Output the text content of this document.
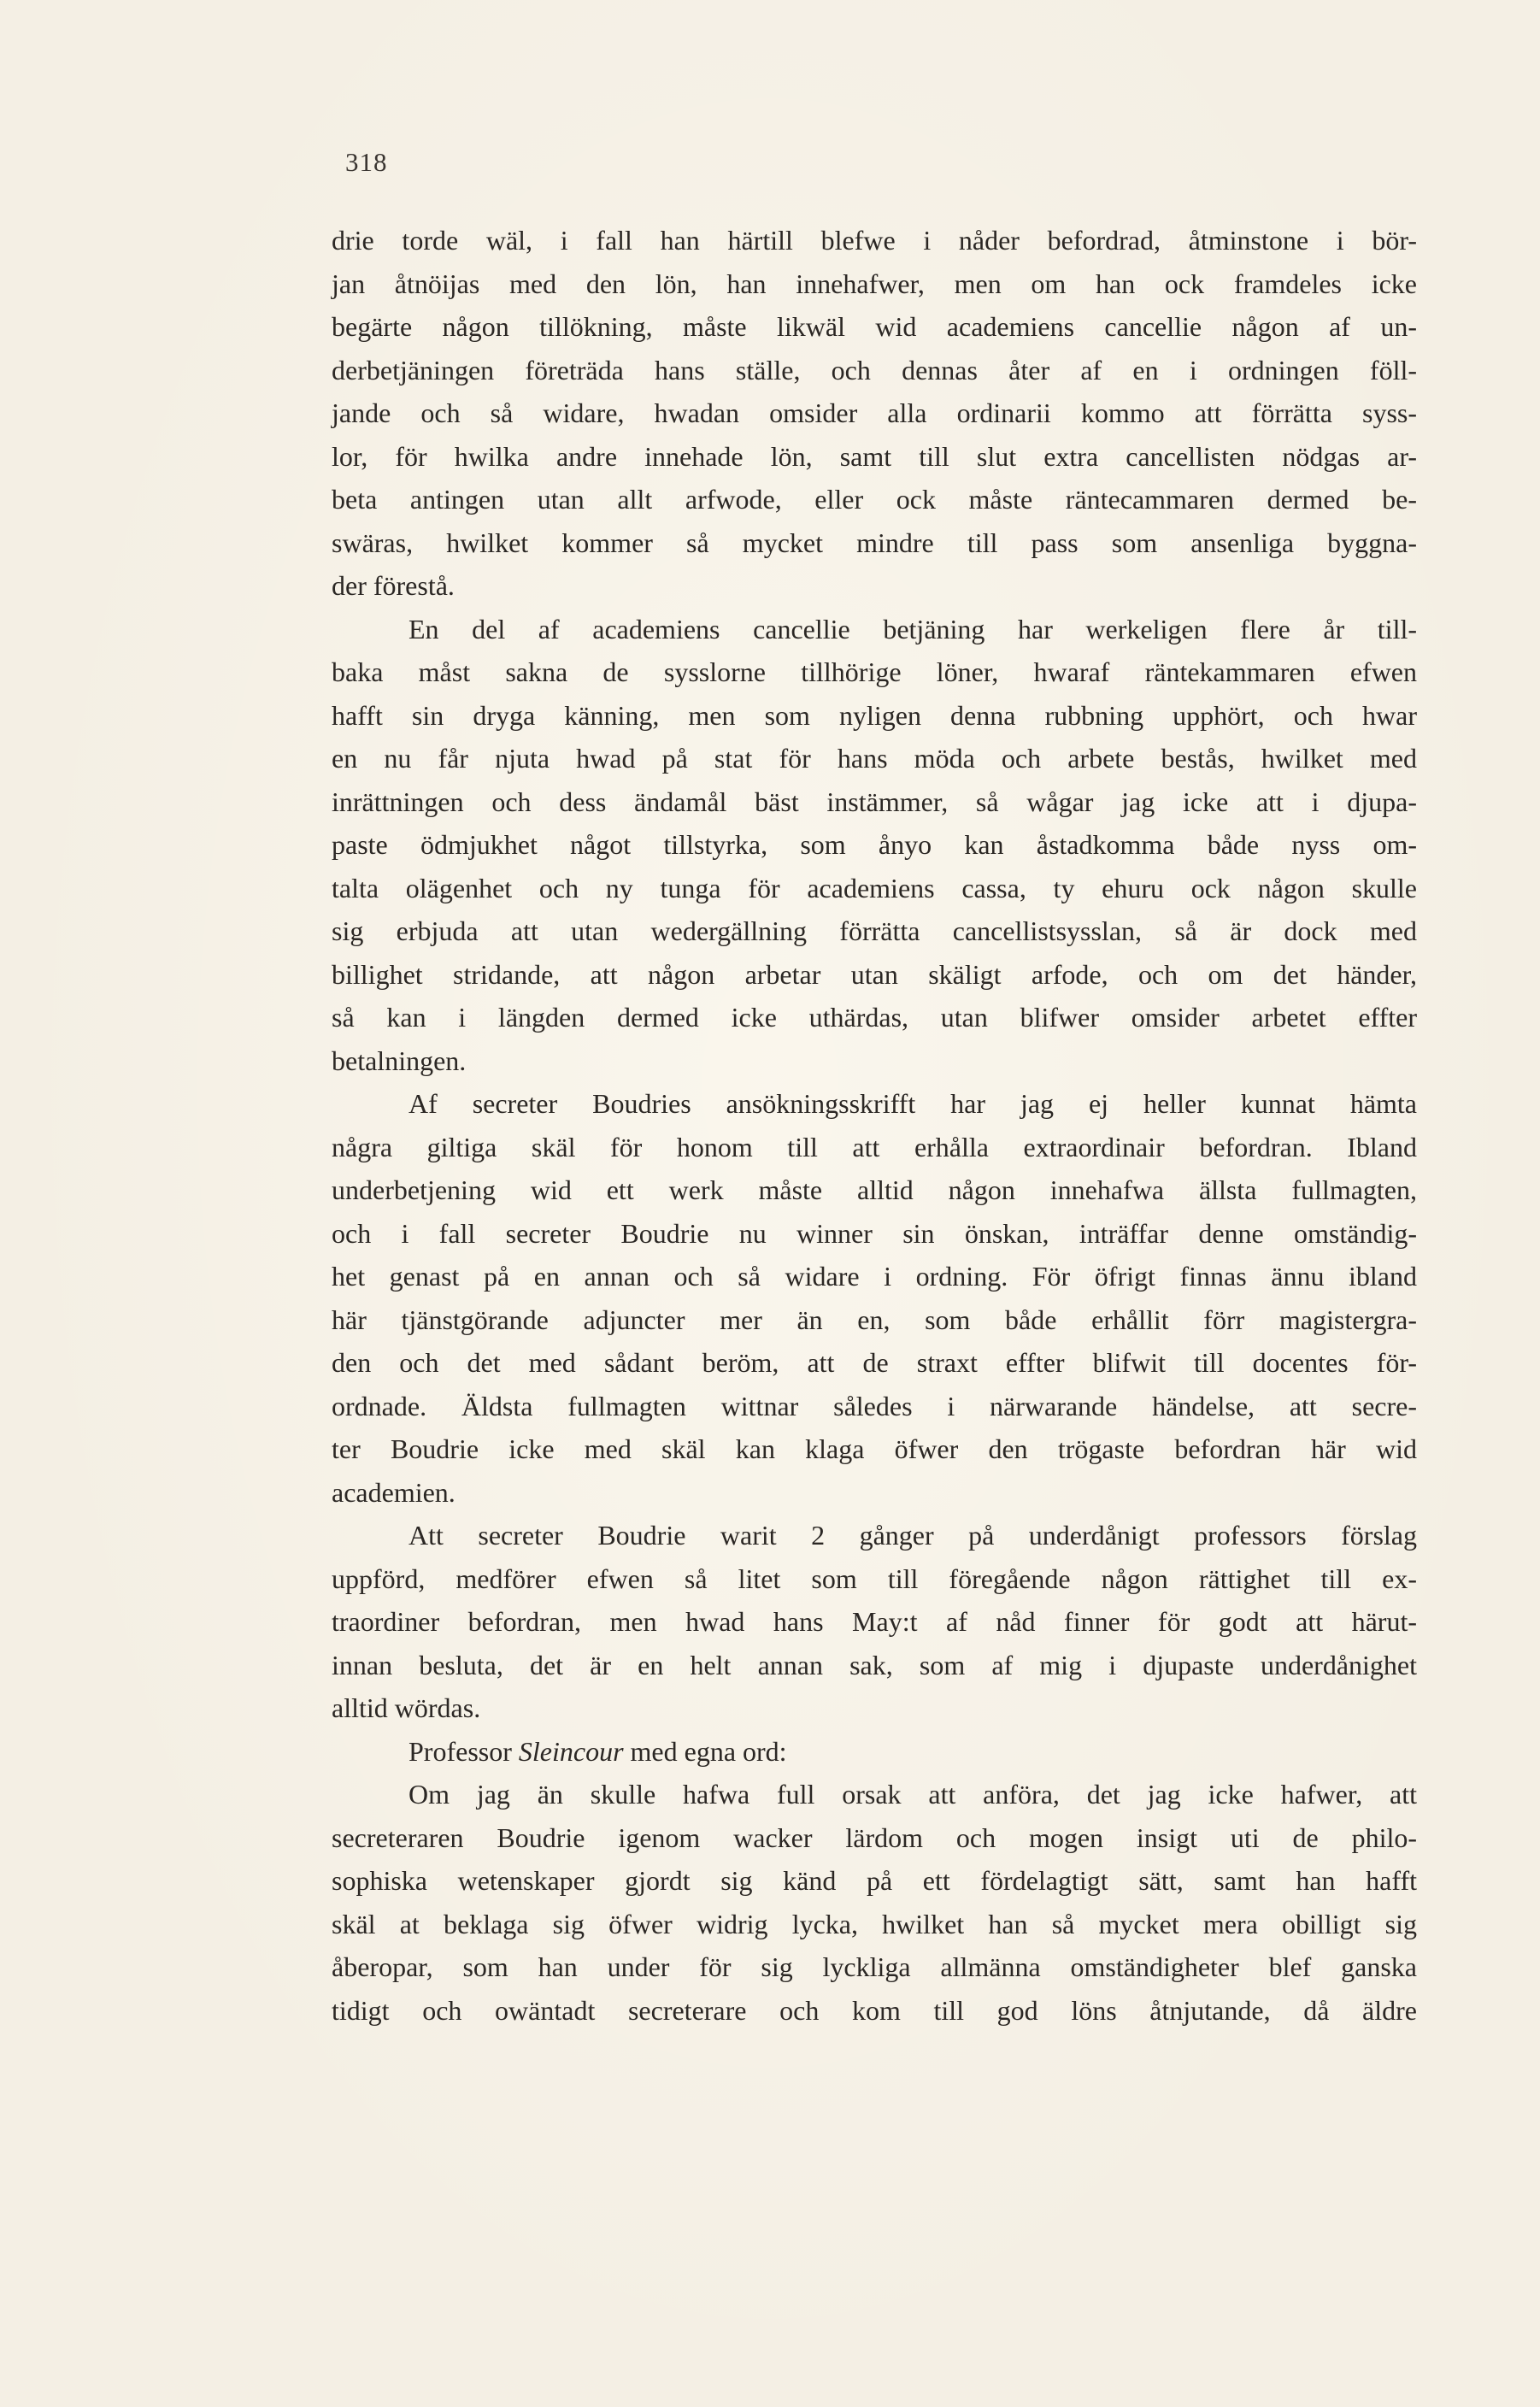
318
drie torde wäl, i fall han härtill blefwe i nåder befordrad, åtminstone i bör-
jan åtnöijas med den lön, han innehafwer, men om han ock framdeles icke
begärte någon tillökning, måste likwäl wid academiens cancellie någon af un-
derbetjäningen företräda hans ställe, och dennas åter af en i ordningen föll-
jande och så widare, hwadan omsider alla ordinarii kommo att förrätta syss-
lor, för hwilka andre innehade lön, samt till slut extra cancellisten nödgas ar-
beta antingen utan allt arfwode, eller ock måste räntecammaren dermed be-
swäras, hwilket kommer så mycket mindre till pass som ansenliga byggna-
der förestå.
En del af academiens cancellie betjäning har werkeligen flere år till-
baka måst sakna de sysslorne tillhörige löner, hwaraf räntekammaren efwen
hafft sin dryga känning, men som nyligen denna rubbning upphört, och hwar
en nu får njuta hwad på stat för hans möda och arbete bestås, hwilket med
inrättningen och dess ändamål bäst instämmer, så wågar jag icke att i djupa-
paste ödmjukhet något tillstyrka, som ånyo kan åstadkomma både nyss om-
talta olägenhet och ny tunga för academiens cassa, ty ehuru ock någon skulle
sig erbjuda att utan wedergällning förrätta cancellistsysslan, så är dock med
billighet stridande, att någon arbetar utan skäligt arfode, och om det händer,
så kan i längden dermed icke uthärdas, utan blifwer omsider arbetet effter
betalningen.
Af secreter Boudries ansökningsskrifft har jag ej heller kunnat hämta
några giltiga skäl för honom till att erhålla extraordinair befordran. Ibland
underbetjening wid ett werk måste alltid någon innehafwa ällsta fullmagten,
och i fall secreter Boudrie nu winner sin önskan, inträffar denne omständig-
het genast på en annan och så widare i ordning. För öfrigt finnas ännu ibland
här tjänstgörande adjuncter mer än en, som både erhållit förr magistergra-
den och det med sådant beröm, att de straxt effter blifwit till docentes för-
ordnade. Äldsta fullmagten wittnar således i närwarande händelse, att secre-
ter Boudrie icke med skäl kan klaga öfwer den trögaste befordran här wid
academien.
Att secreter Boudrie warit 2 gånger på underdånigt professors förslag
uppförd, medförer efwen så litet som till föregående någon rättighet till ex-
traordiner befordran, men hwad hans May:t af nåd finner för godt att härut-
innan besluta, det är en helt annan sak, som af mig i djupaste underdånighet
alltid wördas.
Professor Sleincour med egna ord:
Om jag än skulle hafwa full orsak att anföra, det jag icke hafwer, att
secreteraren Boudrie igenom wacker lärdom och mogen insigt uti de philo-
sophiska wetenskaper gjordt sig känd på ett fördelagtigt sätt, samt han hafft
skäl at beklaga sig öfwer widrig lycka, hwilket han så mycket mera obilligt sig
åberopar, som han under för sig lyckliga allmänna omständigheter blef ganska
tidigt och owäntadt secreterare och kom till god löns åtnjutande, då äldre
